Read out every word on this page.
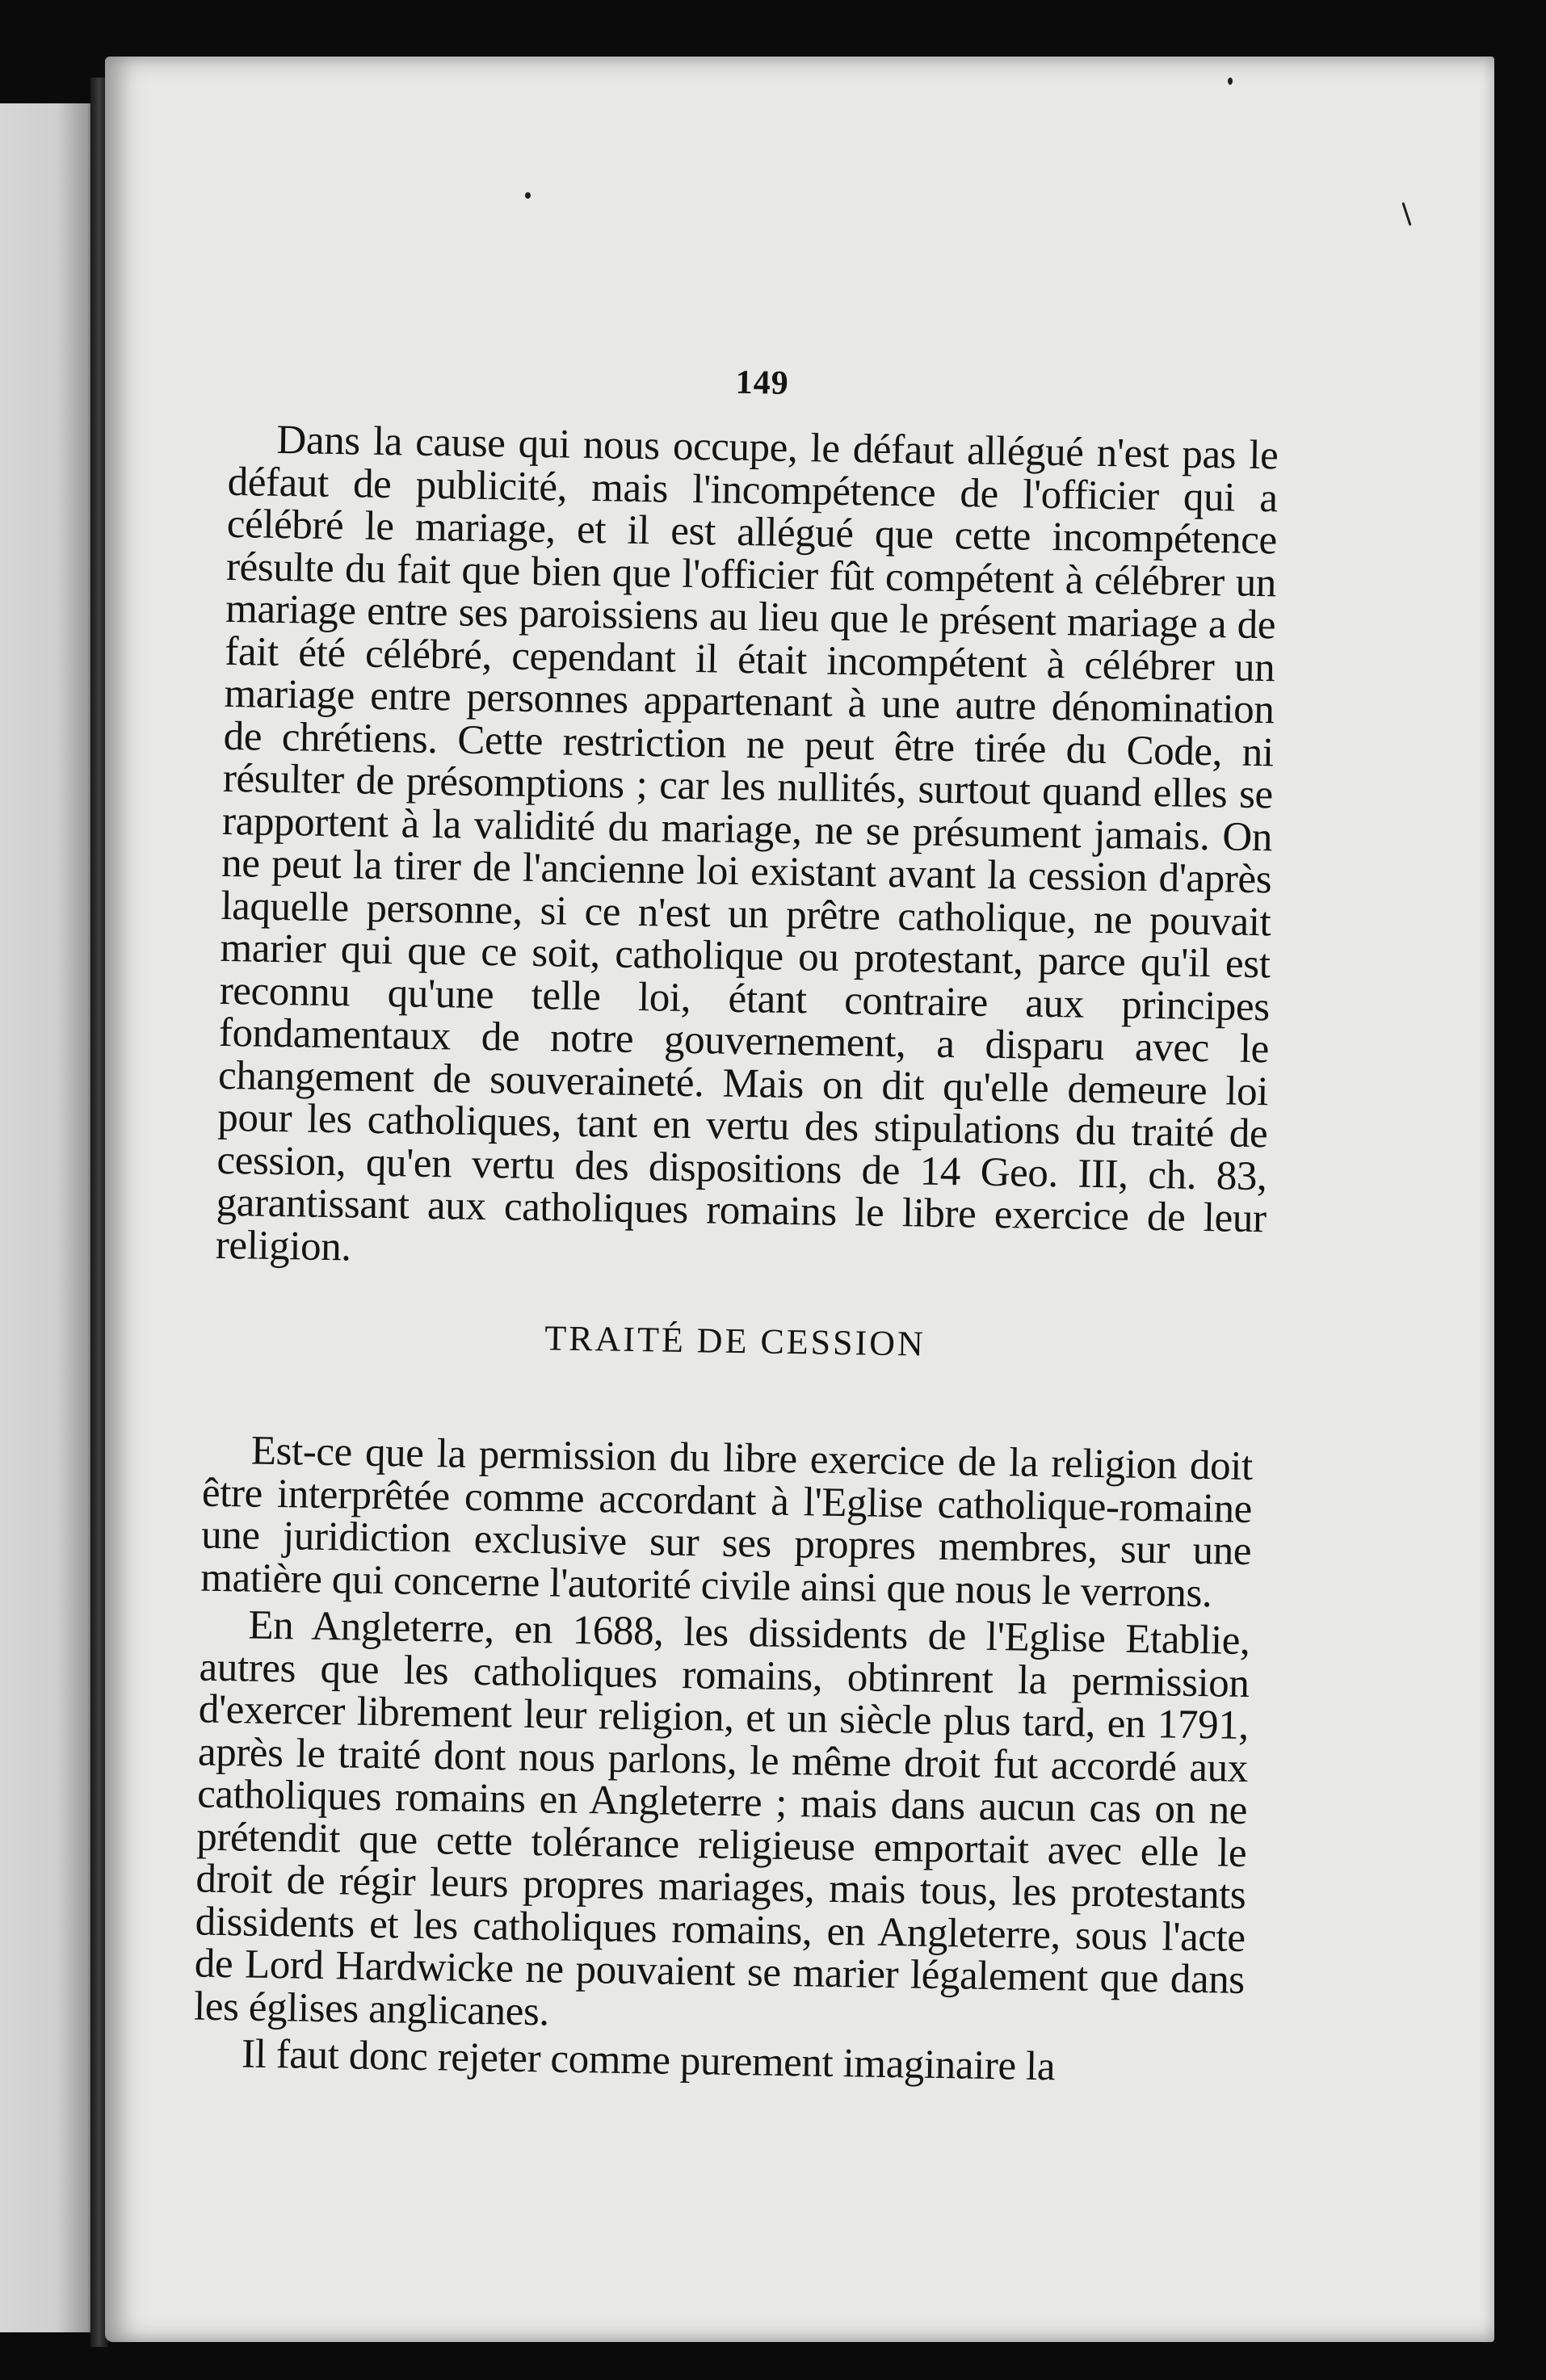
149

Dans la cause qui nous occupe, le défaut allégué n'est pas le défaut de publicité, mais l'incompétence de l'officier qui a célébré le mariage, et il est allégué que cette incompétence résulte du fait que bien que l'officier fût compétent à célébrer un mariage entre ses paroissiens au lieu que le présent mariage a de fait été célébré, cependant il était incompétent à célébrer un mariage entre personnes appartenant à une autre dénomination de chrétiens. Cette restriction ne peut être tirée du Code, ni résulter de présomptions ; car les nullités, surtout quand elles se rapportent à la validité du mariage, ne se présument jamais. On ne peut la tirer de l'ancienne loi existant avant la cession d'après laquelle personne, si ce n'est un prêtre catholique, ne pouvait marier qui que ce soit, catholique ou protestant, parce qu'il est reconnu qu'une telle loi, étant contraire aux principes fondamentaux de notre gouvernement, a disparu avec le changement de souveraineté. Mais on dit qu'elle demeure loi pour les catholiques, tant en vertu des stipulations du traité de cession, qu'en vertu des dispositions de 14 Geo. III, ch. 83, garantissant aux catholiques romains le libre exercice de leur religion.

TRAITÉ DE CESSION

Est-ce que la permission du libre exercice de la religion doit être interprêtée comme accordant à l'Eglise catholique-romaine une juridiction exclusive sur ses propres membres, sur une matière qui concerne l'autorité civile ainsi que nous le verrons.

En Angleterre, en 1688, les dissidents de l'Eglise Etablie, autres que les catholiques romains, obtinrent la permission d'exercer librement leur religion, et un siècle plus tard, en 1791, après le traité dont nous parlons, le même droit fut accordé aux catholiques romains en Angleterre ; mais dans aucun cas on ne prétendit que cette tolérance religieuse emportait avec elle le droit de régir leurs propres mariages, mais tous, les protestants dissidents et les catholiques romains, en Angleterre, sous l'acte de Lord Hardwicke ne pouvaient se marier légalement que dans les églises anglicanes.

Il faut donc rejeter comme purement imaginaire la
